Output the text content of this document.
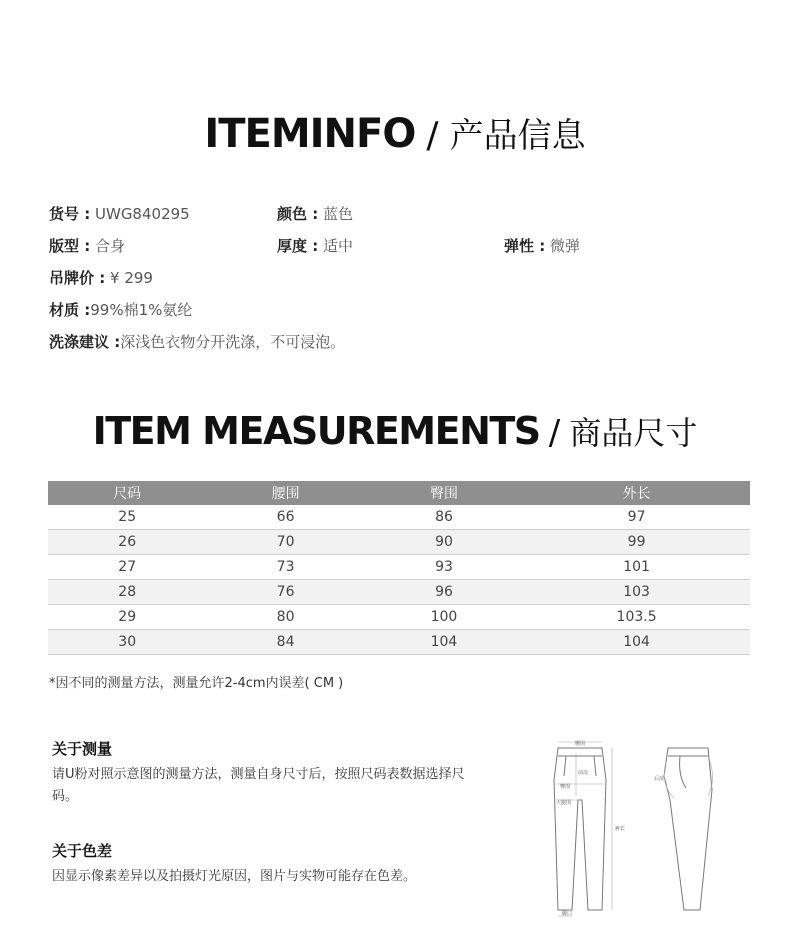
ITEMINFO / 产品信息
货号 : UWG840295	颜色 : 蓝色
版型 : 合身	厚度 : 适中	弹性 : 微弹
吊牌价 : ¥ 299
材质 :99%棉1%氨纶
洗涤建议 :深浅色衣物分开洗涤，不可浸泡。
ITEM MEASUREMENTS / 商品尺寸
尺码	腰围	臀围	外长
25	66	86	97
26	70	90	99
27	73	93	101
28	76	96	103
29	80	100	103.5
30	84	104	104
*因不同的测量方法，测量允许2-4cm内误差( CM )
关于测量
请U粉对照示意图的测量方法，测量自身尺寸后，按照尺码表数据选择尺码。
关于色差
因显示像素差异以及拍摄灯光原因，图片与实物可能存在色差。
腰围
臀围
大腿围
裤长
前浪
脚口
后浪
